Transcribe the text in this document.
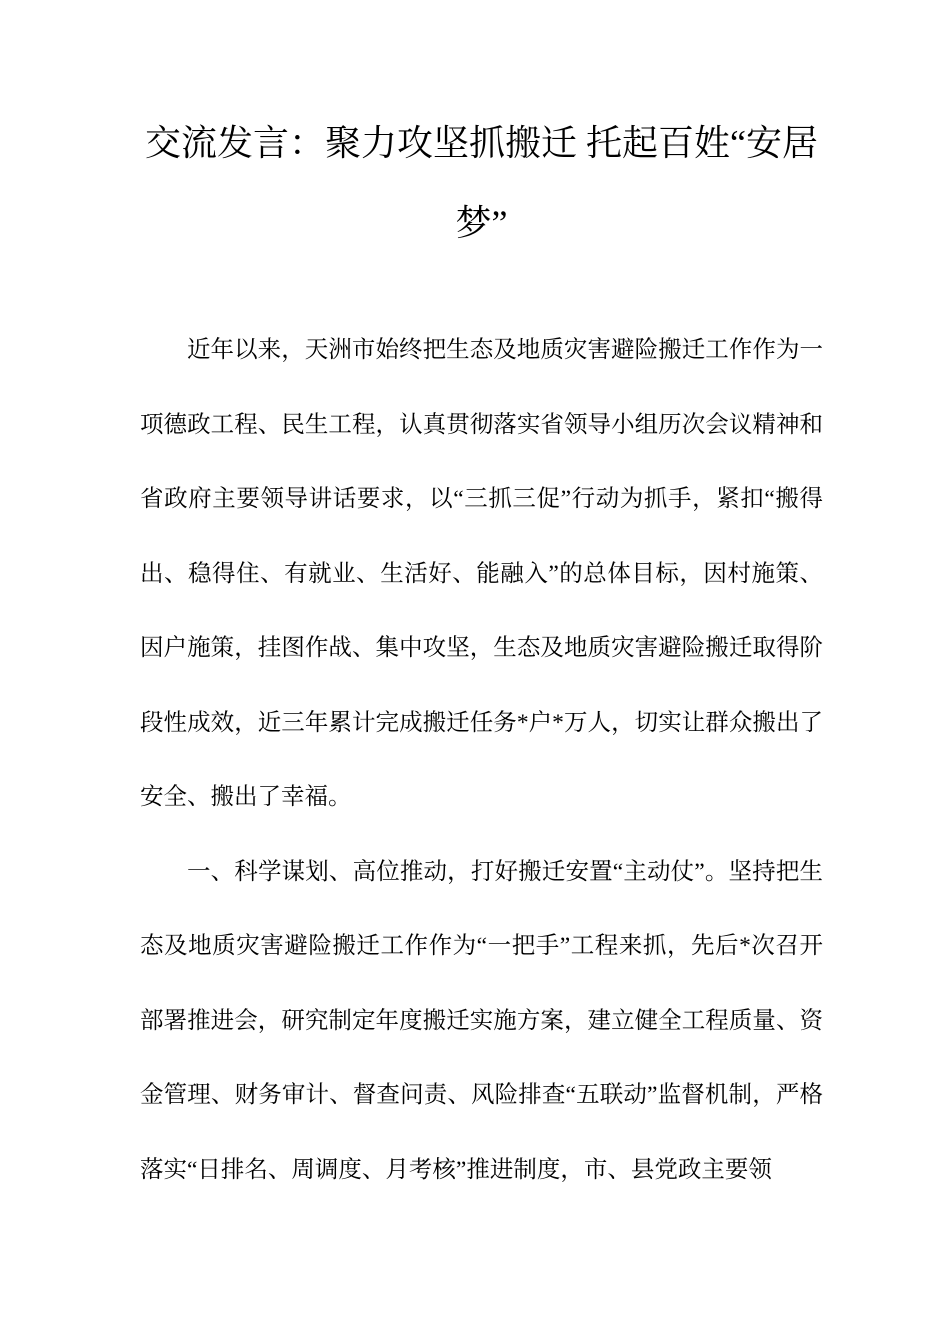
交流发言：聚力攻坚抓搬迁 托起百姓“安居梦”

近年以来，天洲市始终把生态及地质灾害避险搬迁工作作为一项德政工程、民生工程，认真贯彻落实省领导小组历次会议精神和省政府主要领导讲话要求，以“三抓三促”行动为抓手，紧扣“搬得出、稳得住、有就业、生活好、能融入”的总体目标，因村施策、因户施策，挂图作战、集中攻坚，生态及地质灾害避险搬迁取得阶段性成效，近三年累计完成搬迁任务*户*万人，切实让群众搬出了安全、搬出了幸福。

一、科学谋划、高位推动，打好搬迁安置“主动仗”。坚持把生态及地质灾害避险搬迁工作作为“一把手”工程来抓，先后*次召开部署推进会，研究制定年度搬迁实施方案，建立健全工程质量、资金管理、财务审计、督查问责、风险排查“五联动”监督机制，严格落实“日排名、周调度、月考核”推进制度，市、县党政主要领
